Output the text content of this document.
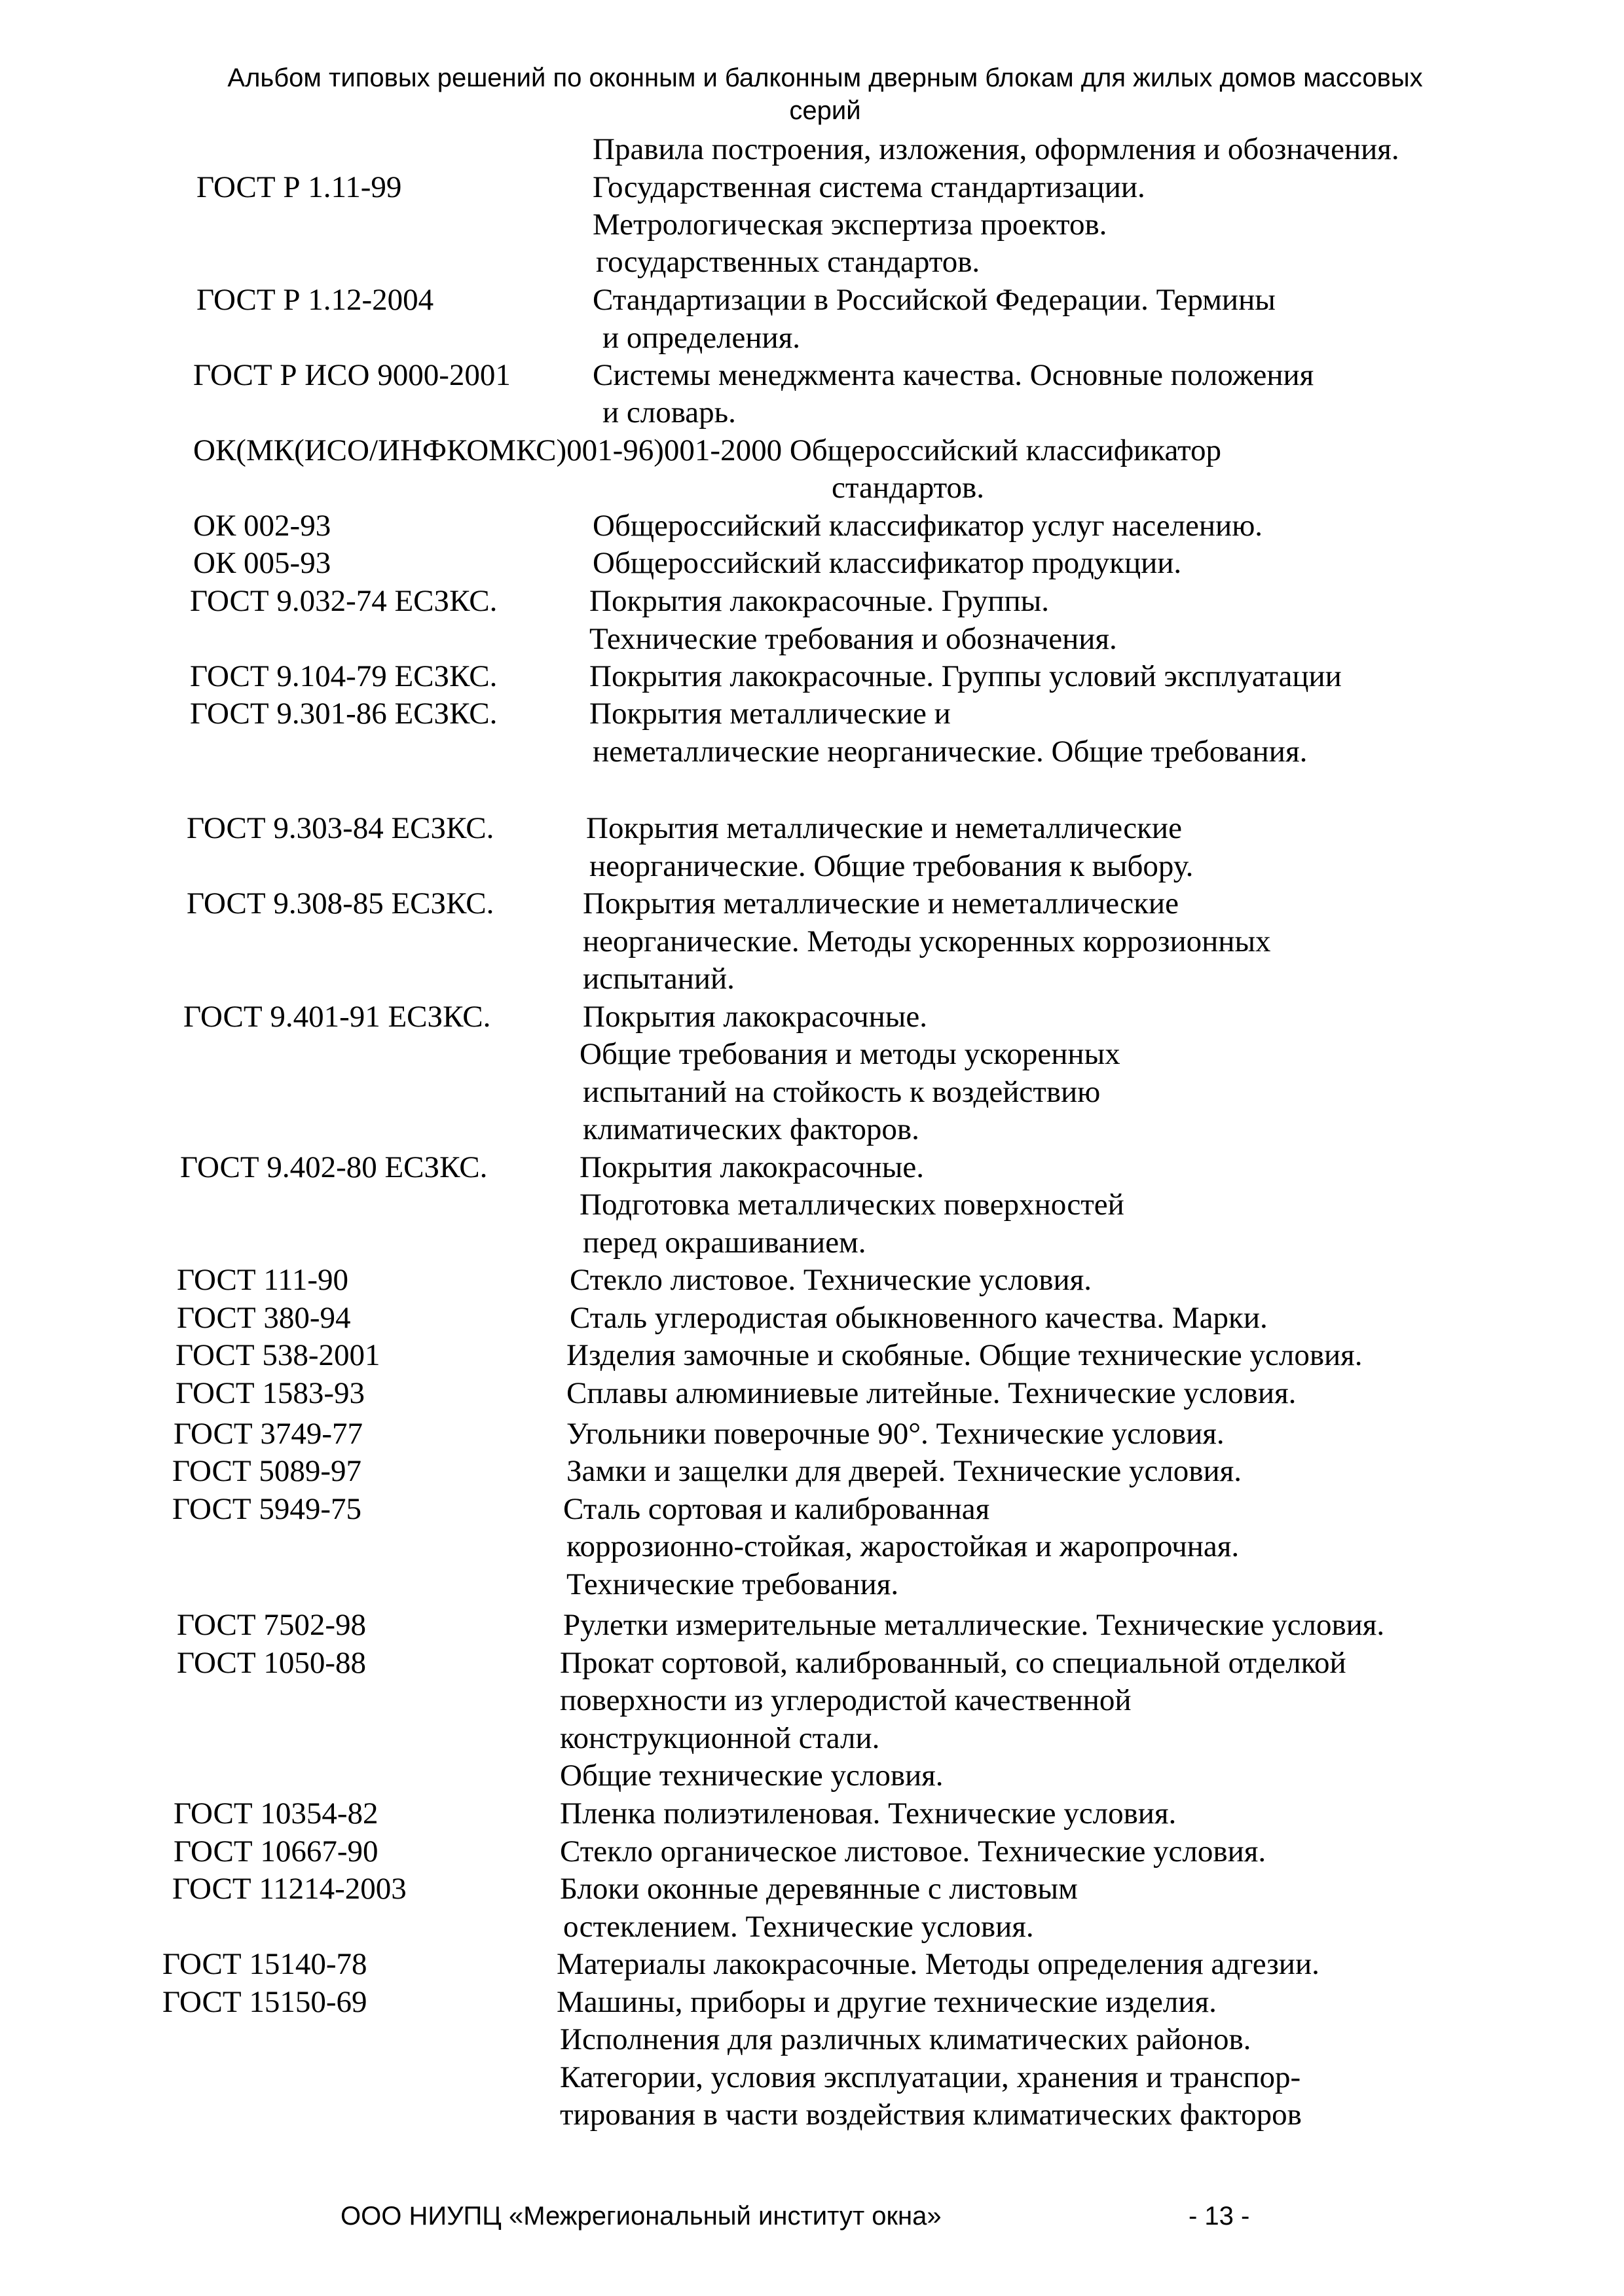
Альбом типовых решений по оконным и балконным дверным блокам для жилых домов массовых
серий
Правила построения, изложения, оформления и обозначения.
ГОСТ Р 1.11-99	Государственная система стандартизации.
Метрологическая экспертиза проектов.
государственных стандартов.
ГОСТ Р 1.12-2004	Стандартизации в Российской Федерации. Термины
и определения.
ГОСТ Р ИСО 9000-2001	Системы менеджмента качества. Основные положения
и словарь.
ОК(МК(ИСО/ИНФКОМКС)001-96)001-2000 Общероссийский классификатор
стандартов.
ОК 002-93	Общероссийский классификатор услуг населению.
ОК 005-93	Общероссийский классификатор продукции.
ГОСТ 9.032-74 ЕСЗКС.	Покрытия лакокрасочные. Группы.
Технические требования и обозначения.
ГОСТ 9.104-79 ЕСЗКС.	Покрытия лакокрасочные. Группы условий эксплуатации
ГОСТ 9.301-86 ЕСЗКС.	Покрытия металлические и
неметаллические неорганические. Общие требования.
ГОСТ 9.303-84 ЕСЗКС.	Покрытия металлические и неметаллические
неорганические. Общие требования к выбору.
ГОСТ 9.308-85 ЕСЗКС.	Покрытия металлические и неметаллические
неорганические. Методы ускоренных коррозионных
испытаний.
ГОСТ 9.401-91 ЕСЗКС.	Покрытия лакокрасочные.
Общие требования и методы ускоренных
испытаний на стойкость к воздействию
климатических факторов.
ГОСТ 9.402-80 ЕСЗКС.	Покрытия лакокрасочные.
Подготовка металлических поверхностей
перед окрашиванием.
ГОСТ 111-90	Стекло листовое. Технические условия.
ГОСТ 380-94	Сталь углеродистая обыкновенного качества. Марки.
ГОСТ 538-2001	Изделия замочные и скобяные. Общие технические условия.
ГОСТ 1583-93	Сплавы алюминиевые литейные. Технические условия.
ГОСТ 3749-77	Угольники поверочные 90°. Технические условия.
ГОСТ 5089-97	Замки и защелки для дверей. Технические условия.
ГОСТ 5949-75	Сталь сортовая и калиброванная
коррозионно-стойкая, жаростойкая и жаропрочная.
Технические требования.
ГОСТ 7502-98	Рулетки измерительные металлические. Технические условия.
ГОСТ 1050-88	Прокат сортовой, калиброванный, со специальной отделкой
поверхности из углеродистой качественной
конструкционной стали.
Общие технические условия.
ГОСТ 10354-82	Пленка полиэтиленовая. Технические условия.
ГОСТ 10667-90	Стекло органическое листовое. Технические условия.
ГОСТ 11214-2003	Блоки оконные деревянные с листовым
остеклением. Технические условия.
ГОСТ 15140-78	Материалы лакокрасочные. Методы определения адгезии.
ГОСТ 15150-69	Машины, приборы и другие технические изделия.
Исполнения для различных климатических районов.
Категории, условия эксплуатации, хранения и транспор-
тирования в части воздействия климатических факторов
ООО НИУПЦ «Межрегиональный институт окна»	- 13 -
